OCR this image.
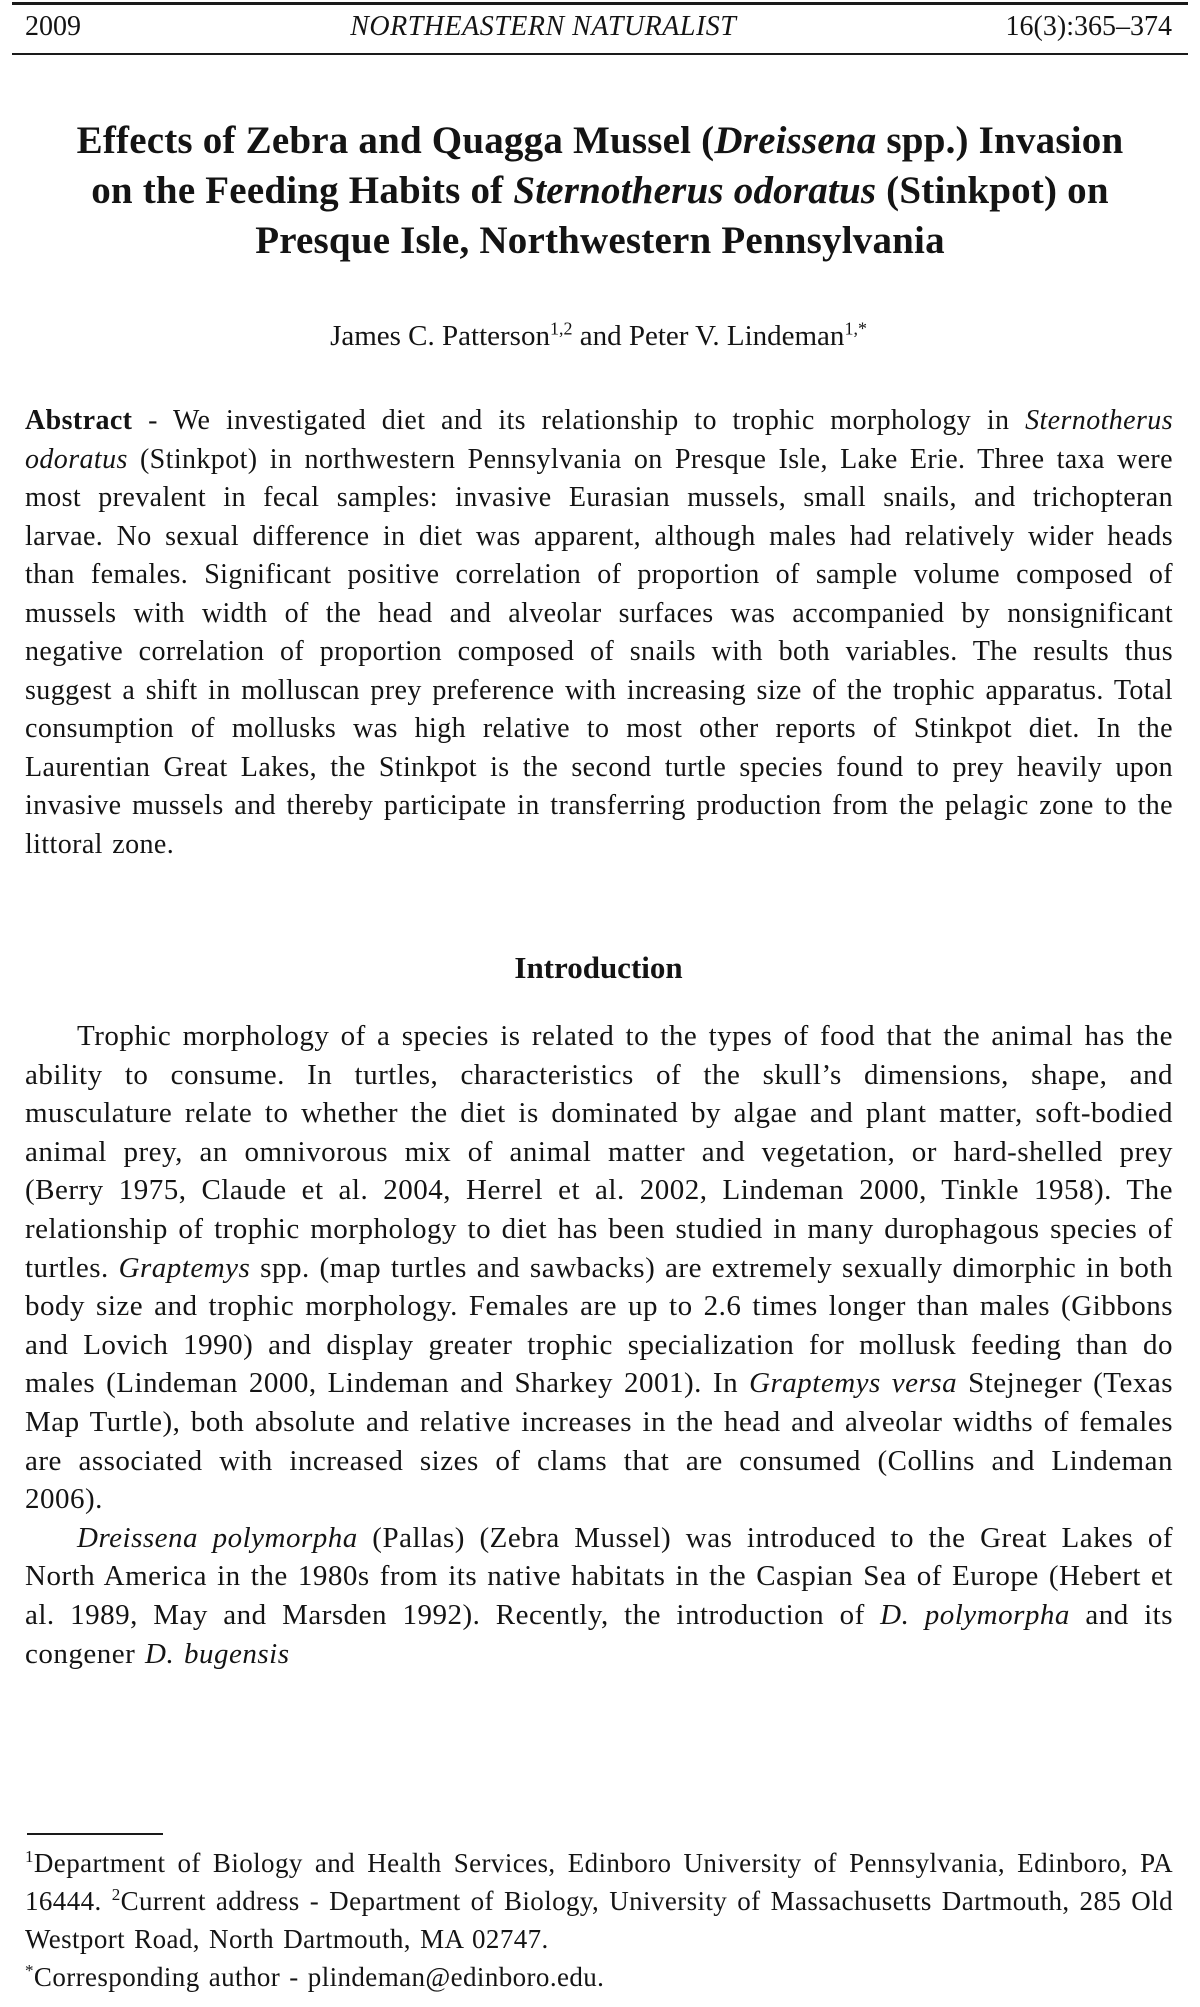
2009	NORTHEASTERN NATURALIST	16(3):365–374
Effects of Zebra and Quagga Mussel (Dreissena spp.) Invasion on the Feeding Habits of Sternotherus odoratus (Stinkpot) on Presque Isle, Northwestern Pennsylvania
James C. Patterson$^{1,2}$ and Peter V. Lindeman$^{1,*}$
Abstract - We investigated diet and its relationship to trophic morphology in Sternotherus odoratus (Stinkpot) in northwestern Pennsylvania on Presque Isle, Lake Erie. Three taxa were most prevalent in fecal samples: invasive Eurasian mussels, small snails, and trichopteran larvae. No sexual difference in diet was apparent, although males had relatively wider heads than females. Significant positive correlation of proportion of sample volume composed of mussels with width of the head and alveolar surfaces was accompanied by nonsignificant negative correlation of proportion composed of snails with both variables. The results thus suggest a shift in molluscan prey preference with increasing size of the trophic apparatus. Total consumption of mollusks was high relative to most other reports of Stinkpot diet. In the Laurentian Great Lakes, the Stinkpot is the second turtle species found to prey heavily upon invasive mussels and thereby participate in transferring production from the pelagic zone to the littoral zone.
Introduction

Trophic morphology of a species is related to the types of food that the animal has the ability to consume. In turtles, characteristics of the skull’s dimensions, shape, and musculature relate to whether the diet is dominated by algae and plant matter, soft-bodied animal prey, an omnivorous mix of animal matter and vegetation, or hard-shelled prey (Berry 1975, Claude et al. 2004, Herrel et al. 2002, Lindeman 2000, Tinkle 1958). The relationship of trophic morphology to diet has been studied in many durophagous species of turtles. Graptemys spp. (map turtles and sawbacks) are extremely sexually dimorphic in both body size and trophic morphology. Females are up to 2.6 times longer than males (Gibbons and Lovich 1990) and display greater trophic specialization for mollusk feeding than do males (Lindeman 2000, Lindeman and Sharkey 2001). In Graptemys versa Stejneger (Texas Map Turtle), both absolute and relative increases in the head and alveolar widths of females are associated with increased sizes of clams that are consumed (Collins and Lindeman 2006).

Dreissena polymorpha (Pallas) (Zebra Mussel) was introduced to the Great Lakes of North America in the 1980s from its native habitats in the Caspian Sea of Europe (Hebert et al. 1989, May and Marsden 1992). Recently, the introduction of D. polymorpha and its congener D. bugensis

$^1$Department of Biology and Health Services, Edinboro University of Pennsylvania, Edinboro, PA 16444. $^2$Current address - Department of Biology, University of Massachusetts Dartmouth, 285 Old Westport Road, North Dartmouth, MA 02747.

*Corresponding author - plindeman@edinboro.edu.
